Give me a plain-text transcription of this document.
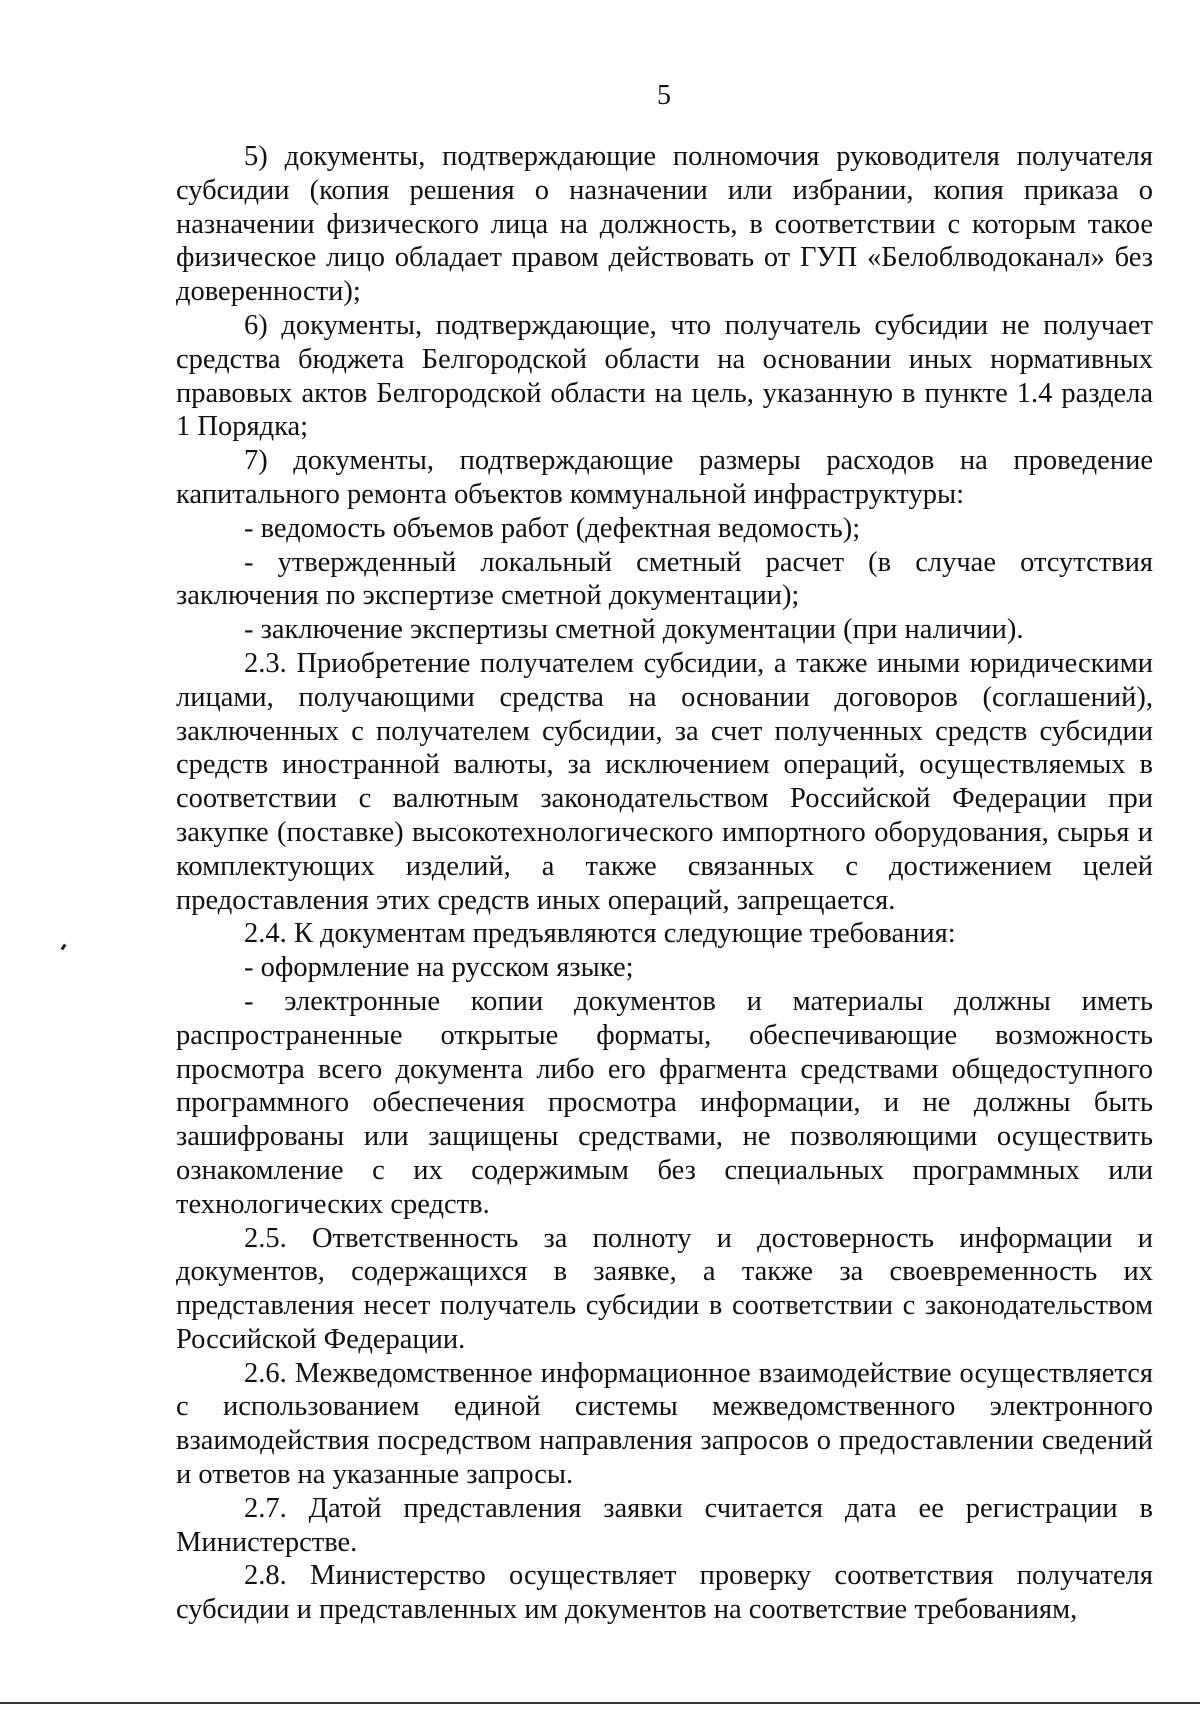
5

5) документы, подтверждающие полномочия руководителя получателя субсидии (копия решения о назначении или избрании, копия приказа о назначении физического лица на должность, в соответствии с которым такое физическое лицо обладает правом действовать от ГУП «Белоблводоканал» без доверенности);

6) документы, подтверждающие, что получатель субсидии не получает средства бюджета Белгородской области на основании иных нормативных правовых актов Белгородской области на цель, указанную в пункте 1.4 раздела 1 Порядка;

7) документы, подтверждающие размеры расходов на проведение капитального ремонта объектов коммунальной инфраструктуры:

- ведомость объемов работ (дефектная ведомость);

- утвержденный локальный сметный расчет (в случае отсутствия заключения по экспертизе сметной документации);

- заключение экспертизы сметной документации (при наличии).

2.3. Приобретение получателем субсидии, а также иными юридическими лицами, получающими средства на основании договоров (соглашений), заключенных с получателем субсидии, за счет полученных средств субсидии средств иностранной валюты, за исключением операций, осуществляемых в соответствии с валютным законодательством Российской Федерации при закупке (поставке) высокотехнологического импортного оборудования, сырья и комплектующих изделий, а также связанных с достижением целей предоставления этих средств иных операций, запрещается.

2.4. К документам предъявляются следующие требования:

- оформление на русском языке;

- электронные копии документов и материалы должны иметь распространенные открытые форматы, обеспечивающие возможность просмотра всего документа либо его фрагмента средствами общедоступного программного обеспечения просмотра информации, и не должны быть зашифрованы или защищены средствами, не позволяющими осуществить ознакомление с их содержимым без специальных программных или технологических средств.

2.5. Ответственность за полноту и достоверность информации и документов, содержащихся в заявке, а также за своевременность их представления несет получатель субсидии в соответствии с законодательством Российской Федерации.

2.6. Межведомственное информационное взаимодействие осуществляется с использованием единой системы межведомственного электронного взаимодействия посредством направления запросов о предоставлении сведений и ответов на указанные запросы.

2.7. Датой представления заявки считается дата ее регистрации в Министерстве.

2.8. Министерство осуществляет проверку соответствия получателя субсидии и представленных им документов на соответствие требованиям,
